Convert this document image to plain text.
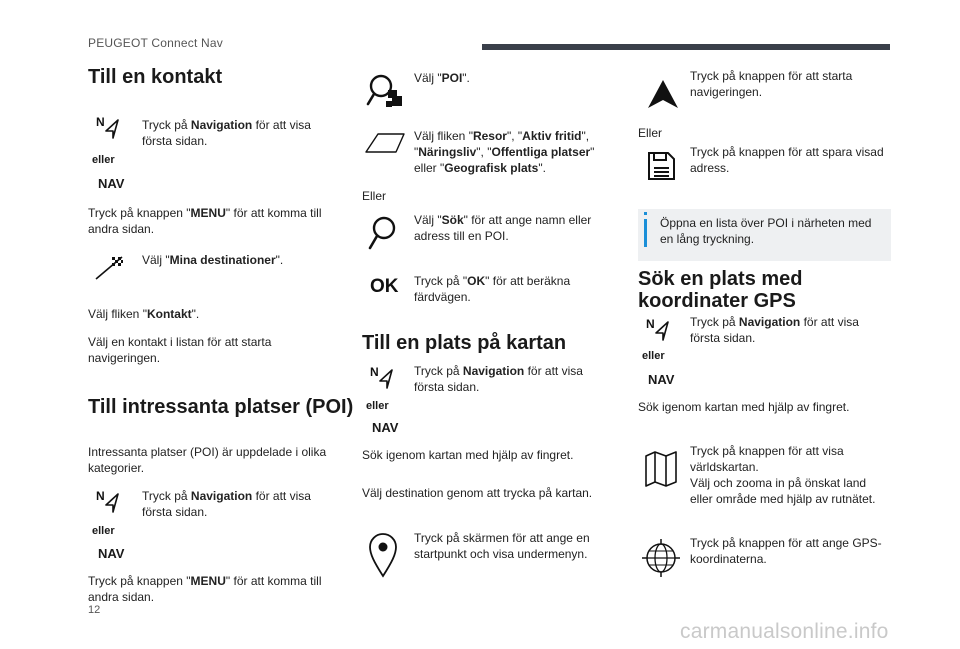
PEUGEOT Connect Nav
Till en kontakt
N
eller
NAV
Tryck på Navigation för att visa första sidan.
Tryck på knappen "MENU" för att komma till andra sidan.
Välj "Mina destinationer".
Välj fliken "Kontakt".
Välj en kontakt i listan för att starta navigeringen.
Till intressanta platser (POI)
Intressanta platser (POI) är uppdelade i olika kategorier.
N
eller
NAV
Tryck på Navigation för att visa första sidan.
Tryck på knappen "MENU" för att komma till andra sidan.
Välj "POI".
Välj fliken "Resor", "Aktiv fritid", "Näringsliv", "Offentliga platser" eller "Geografisk plats".
Eller
Välj "Sök" för att ange namn eller adress till en POI.
OK Tryck på "OK" för att beräkna färdvägen.
Till en plats på kartan
N
eller
NAV
Tryck på Navigation för att visa första sidan.
Sök igenom kartan med hjälp av fingret.
Välj destination genom att trycka på kartan.
Tryck på skärmen för att ange en startpunkt och visa undermenyn.
Tryck på knappen för att starta navigeringen.
Eller
Tryck på knappen för att spara visad adress.
Öppna en lista över POI i närheten med en lång tryckning.
Sök en plats med koordinater GPS
N
eller
NAV
Tryck på Navigation för att visa första sidan.
Sök igenom kartan med hjälp av fingret.
Tryck på knappen för att visa världskartan.
Välj och zooma in på önskat land eller område med hjälp av rutnätet.
Tryck på knappen för att ange GPS-koordinaterna.
12
carmanualsonline.info
